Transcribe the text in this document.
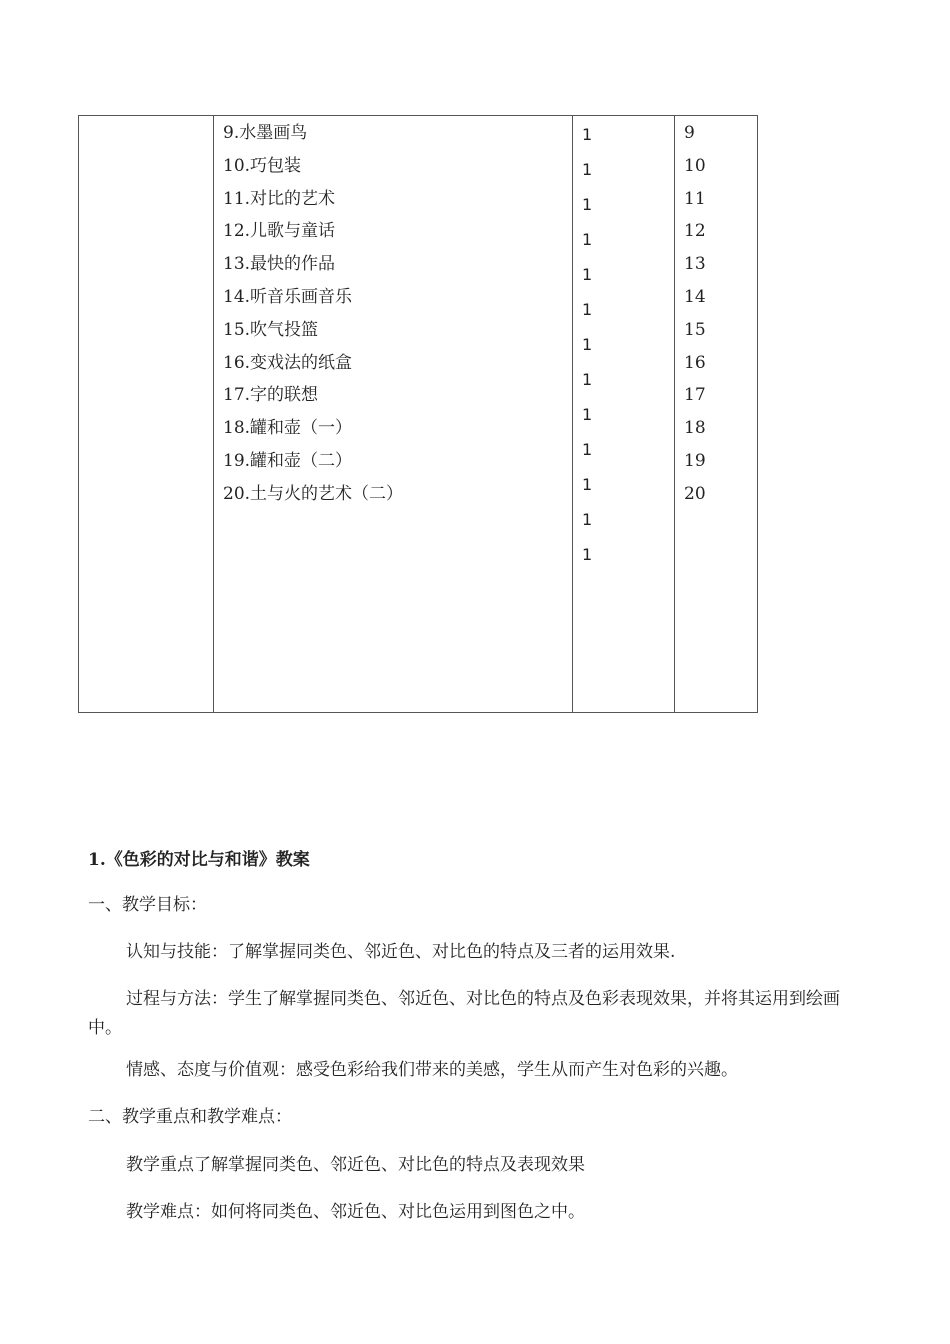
9.水墨画鸟
10.巧包装
11.对比的艺术
12.儿歌与童话
13.最快的作品
14.听音乐画音乐
15.吹气投篮
16.变戏法的纸盒
17.字的联想
18.罐和壶（一）
19.罐和壶（二）
20.土与火的艺术（二）
1
1
1
1
1
1
1
1
1
1
1
1
1
9
10
11
12
13
14
15
16
17
18
19
20
1.《色彩的对比与和谐》教案

一、教学目标：

认知与技能：了解掌握同类色、邻近色、对比色的特点及三者的运用效果.

过程与方法：学生了解掌握同类色、邻近色、对比色的特点及色彩表现效果，并将其运用到绘画中。

情感、态度与价值观：感受色彩给我们带来的美感，学生从而产生对色彩的兴趣。

二、教学重点和教学难点：

教学重点了解掌握同类色、邻近色、对比色的特点及表现效果

教学难点：如何将同类色、邻近色、对比色运用到图色之中。
